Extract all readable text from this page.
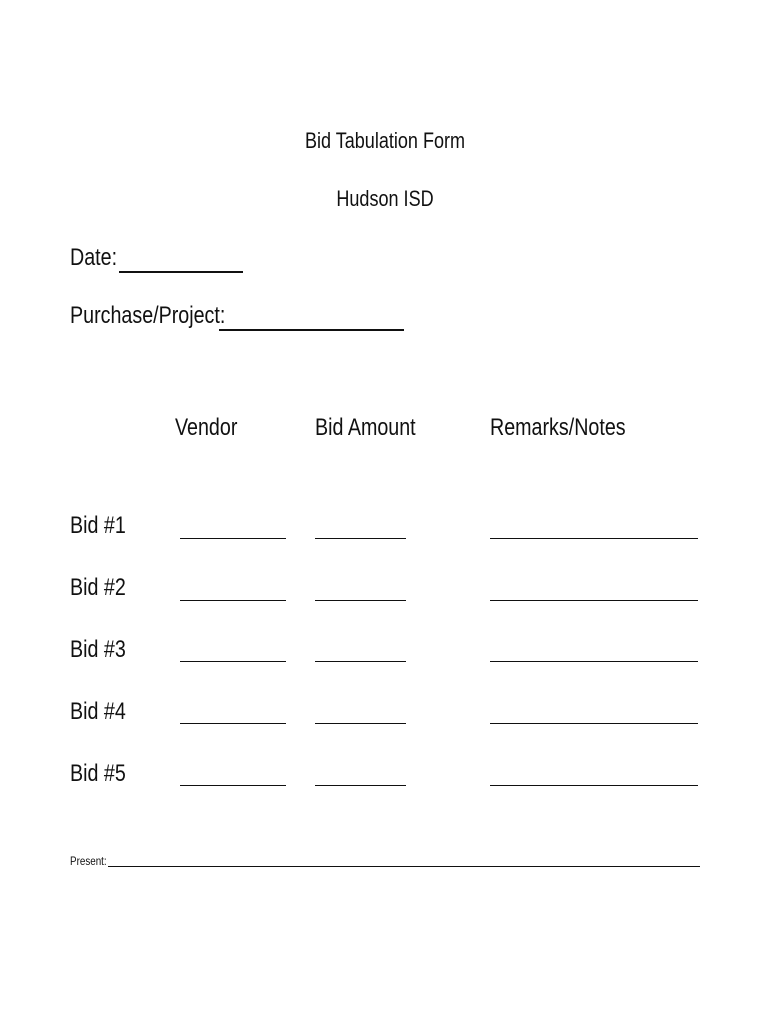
Bid Tabulation Form
Hudson ISD
Date:
Purchase/Project:
Vendor	Bid Amount	Remarks/Notes
Bid #1
Bid #2
Bid #3
Bid #4
Bid #5
Present:
